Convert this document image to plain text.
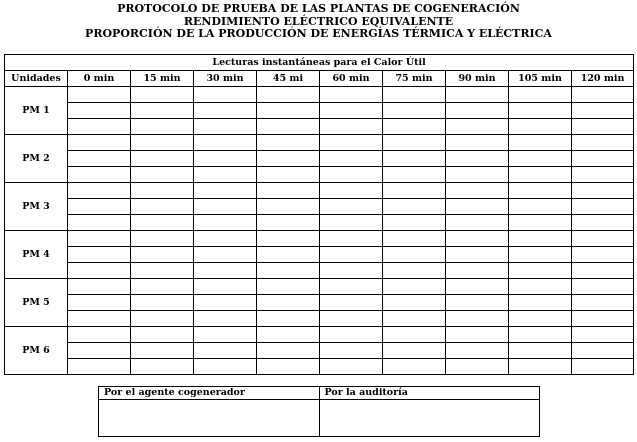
PROTOCOLO DE PRUEBA DE LAS PLANTAS DE COGENERACIÓN
RENDIMIENTO ELÉCTRICO EQUIVALENTE
PROPORCIÓN DE LA PRODUCCIÓN DE ENERGÍAS TÉRMICA Y ELÉCTRICA
Lecturas instantáneas para el Calor Útil									
Unidades	0 min	15 min	30 min	45 mi	60 min	75 min	90 min	105 min	120 min
PM 1									

PM 2									

PM 3									

PM 4									

PM 5									

PM 6									

Por el agente cogenerador	Por la auditoría
